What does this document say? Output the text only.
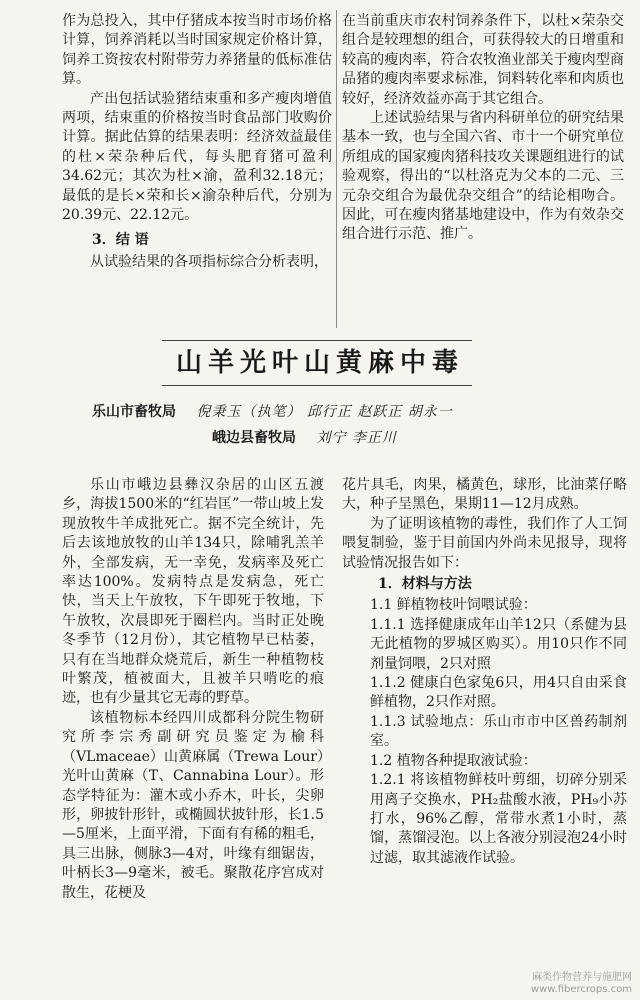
作为总投入，其中仔猪成本按当时市场价格计算，饲养消耗以当时国家规定价格计算，饲养工资按农村附带劳力养猪量的低标准估算。

产出包括试验猪结束重和多产瘦肉增值两项，结束重的价格按当时食品部门收购价计算。据此估算的结果表明：经济效益最佳的杜×荣杂种后代，每头肥育猪可盈利34.62元；其次为杜×渝，盈利32.18元；最低的是长×荣和长×渝杂种后代，分别为20.39元、22.12元。

3．结 语

从试验结果的各项指标综合分析表明，

在当前重庆市农村饲养条件下，以杜×荣杂交组合是较理想的组合，可获得较大的日增重和较高的瘦肉率，符合农牧渔业部关于瘦肉型商品猪的瘦肉率要求标准，饲料转化率和肉质也较好，经济效益亦高于其它组合。

上述试验结果与省内科研单位的研究结果基本一致，也与全国六省、市十一个研究单位所组成的国家瘦肉猪科技攻关课题组进行的试验观察，得出的“以杜洛克为父本的二元、三元杂交组合为最优杂交组合”的结论相吻合。因此，可在瘦肉猪基地建设中，作为有效杂交组合进行示范、推广。

山羊光叶山黄麻中毒
乐山市畜牧局 倪秉玉（执笔） 邱行正 赵跃正 胡永一
峨边县畜牧局 刘宁 李正川

乐山市峨边县彝汉杂居的山区五渡乡，海拔1500米的“红岩匡”一带山坡上发现放牧牛羊成批死亡。据不完全统计，先后去该地放牧的山羊134只，除哺乳羔羊外，全部发病，无一幸免，发病率及死亡率达100%。发病特点是发病急，死亡快，当天上午放牧，下午即死于牧地，下午放牧，次晨即死于圈栏内。当时正处晚冬季节（12月份），其它植物早已枯萎，只有在当地群众烧荒后，新生一种植物枝叶繁茂，植被面大，且被羊只啃吃的痕迹，也有少量其它无毒的野草。

该植物标本经四川成都科分院生物研究所李宗秀副研究员鉴定为榆科（VLmaceae）山黄麻属（Trewa Lour）光叶山黄麻（T、Cannabina Lour）。形态学特征为：灌木或小乔木，叶长，尖卵形，卵披针形针，或椭圆状披针形，长1.5—5厘米，上面平滑，下面有有稀的粗毛，具三出脉，侧脉3—4对，叶缘有细锯齿，叶柄长3—9毫米，被毛。聚散花序宫成对散生，花梗及

花片具毛，肉果，橘黄色，球形，比油菜仔略大，种子呈黑色，果期11—12月成熟。

为了证明该植物的毒性，我们作了人工饲喂复制验，鉴于目前国内外尚未见报导，现将试验情况报告如下：

1．材料与方法

1.1 鲜植物枝叶饲喂试验：

1.1.1 选择健康成年山羊12只（系健为县无此植物的罗城区购买）。用10只作不同剂量饲喂，2只对照

1.1.2 健康白色家兔6只，用4只自由采食鲜植物，2只作对照。

1.1.3 试验地点：乐山市市中区兽药制剂室。

1.2 植物各种提取液试验：

1.2.1 将该植物鲜枝叶剪细，切碎分别采用离子交换水，PH₂盐酸水液，PH₉小苏打水，96%乙醇，常带水煮1小时，蒸馏，蒸馏浸泡。以上各液分别浸泡24小时过滤，取其滤液作试验。

麻类作物营养与施肥网
www.fibercrops.com
